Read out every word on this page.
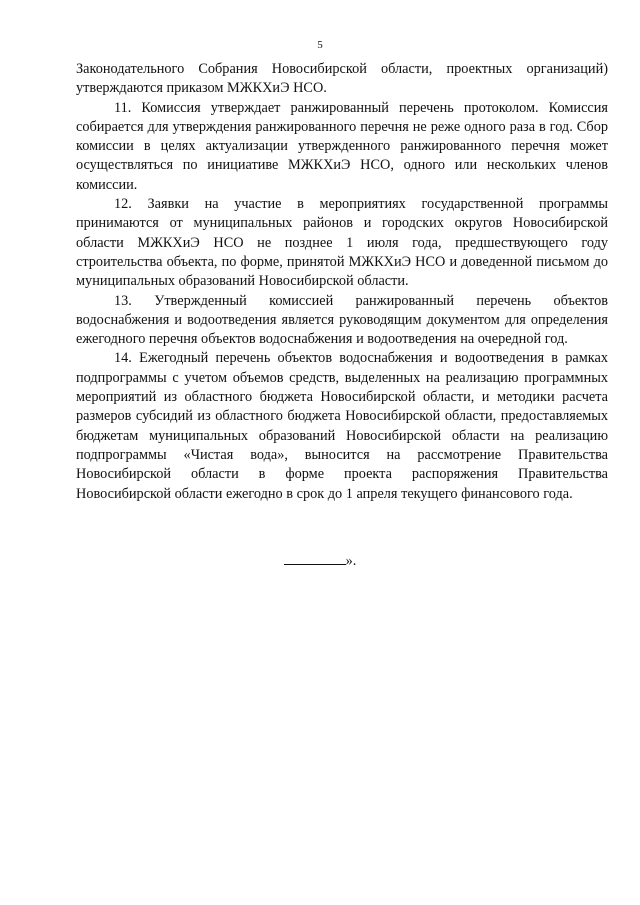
5

Законодательного Собрания Новосибирской области, проектных организаций) утверждаются приказом МЖКХиЭ НСО.

11. Комиссия утверждает ранжированный перечень протоколом. Комиссия собирается для утверждения ранжированного перечня не реже одного раза в год. Сбор комиссии в целях актуализации утвержденного ранжированного перечня может осуществляться по инициативе МЖКХиЭ НСО, одного или нескольких членов комиссии.

12. Заявки на участие в мероприятиях государственной программы принимаются от муниципальных районов и городских округов Новосибирской области МЖКХиЭ НСО не позднее 1 июля года, предшествующего году строительства объекта, по форме, принятой МЖКХиЭ НСО и доведенной письмом до муниципальных образований Новосибирской области.

13. Утвержденный комиссией ранжированный перечень объектов водоснабжения и водоотведения является руководящим документом для определения ежегодного перечня объектов водоснабжения и водоотведения на очередной год.

14. Ежегодный перечень объектов водоснабжения и водоотведения в рамках подпрограммы с учетом объемов средств, выделенных на реализацию программных мероприятий из областного бюджета Новосибирской области, и методики расчета размеров субсидий из областного бюджета Новосибирской области, предоставляемых бюджетам муниципальных образований Новосибирской области на реализацию подпрограммы «Чистая вода», выносится на рассмотрение Правительства Новосибирской области в форме проекта распоряжения Правительства Новосибирской области ежегодно в срок до 1 апреля текущего финансового года.

».
